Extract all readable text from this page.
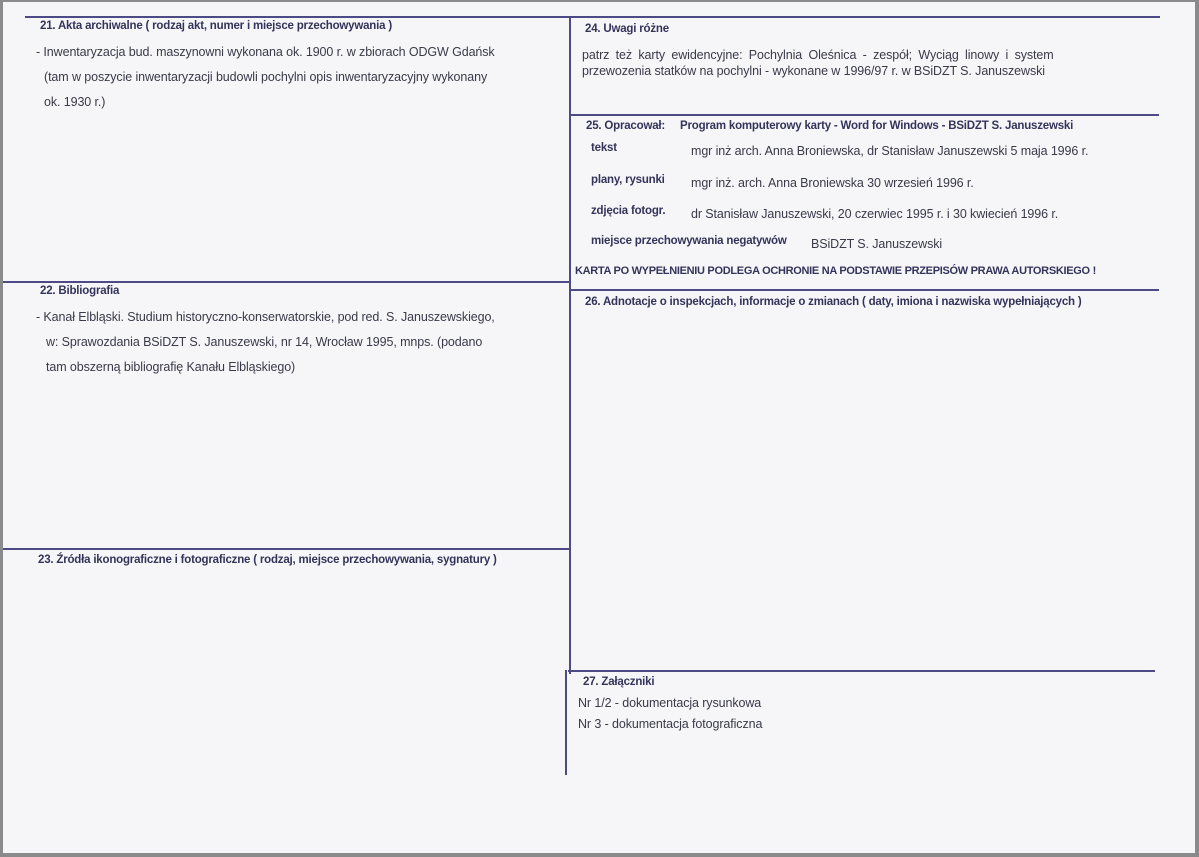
21. Akta archiwalne ( rodzaj akt, numer i miejsce przechowywania )
- Inwentaryzacja bud. maszynowni wykonana ok. 1900 r. w zbiorach ODGW Gdańsk
(tam w poszycie inwentaryzacji budowli pochylni opis inwentaryzacyjny wykonany
ok. 1930 r.)
22. Bibliografia
- Kanał Elbląski. Studium historyczno-konserwatorskie, pod red. S. Januszewskiego,
w: Sprawozdania BSiDZT S. Januszewski, nr 14, Wrocław 1995, mnps. (podano
tam obszerną bibliografię Kanału Elbląskiego)
23. Źródła ikonograficzne i fotograficzne ( rodzaj, miejsce przechowywania, sygnatury )
24. Uwagi różne
patrz też karty ewidencyjne: Pochylnia Oleśnica - zespół; Wyciąg linowy i system
przewozenia statków na pochylni - wykonane w 1996/97 r. w BSiDZT S. Januszewski
25. Opracował: Program komputerowy karty - Word for Windows - BSiDZT S. Januszewski
tekst	mgr inż arch. Anna Broniewska, dr Stanisław Januszewski 5 maja 1996 r.
plany, rysunki mgr inż. arch. Anna Broniewska 30 wrzesień 1996 r.
zdjęcia fotogr. dr Stanisław Januszewski, 20 czerwiec 1995 r. i 30 kwiecień 1996 r.
miejsce przechowywania negatywów BSiDZT S. Januszewski
KARTA PO WYPEŁNIENIU PODLEGA OCHRONIE NA PODSTAWIE PRZEPISÓW PRAWA AUTORSKIEGO !
26. Adnotacje o inspekcjach, informacje o zmianach ( daty, imiona i nazwiska wypełniających )
27. Załączniki
Nr 1/2 - dokumentacja rysunkowa
Nr 3 - dokumentacja fotograficzna
